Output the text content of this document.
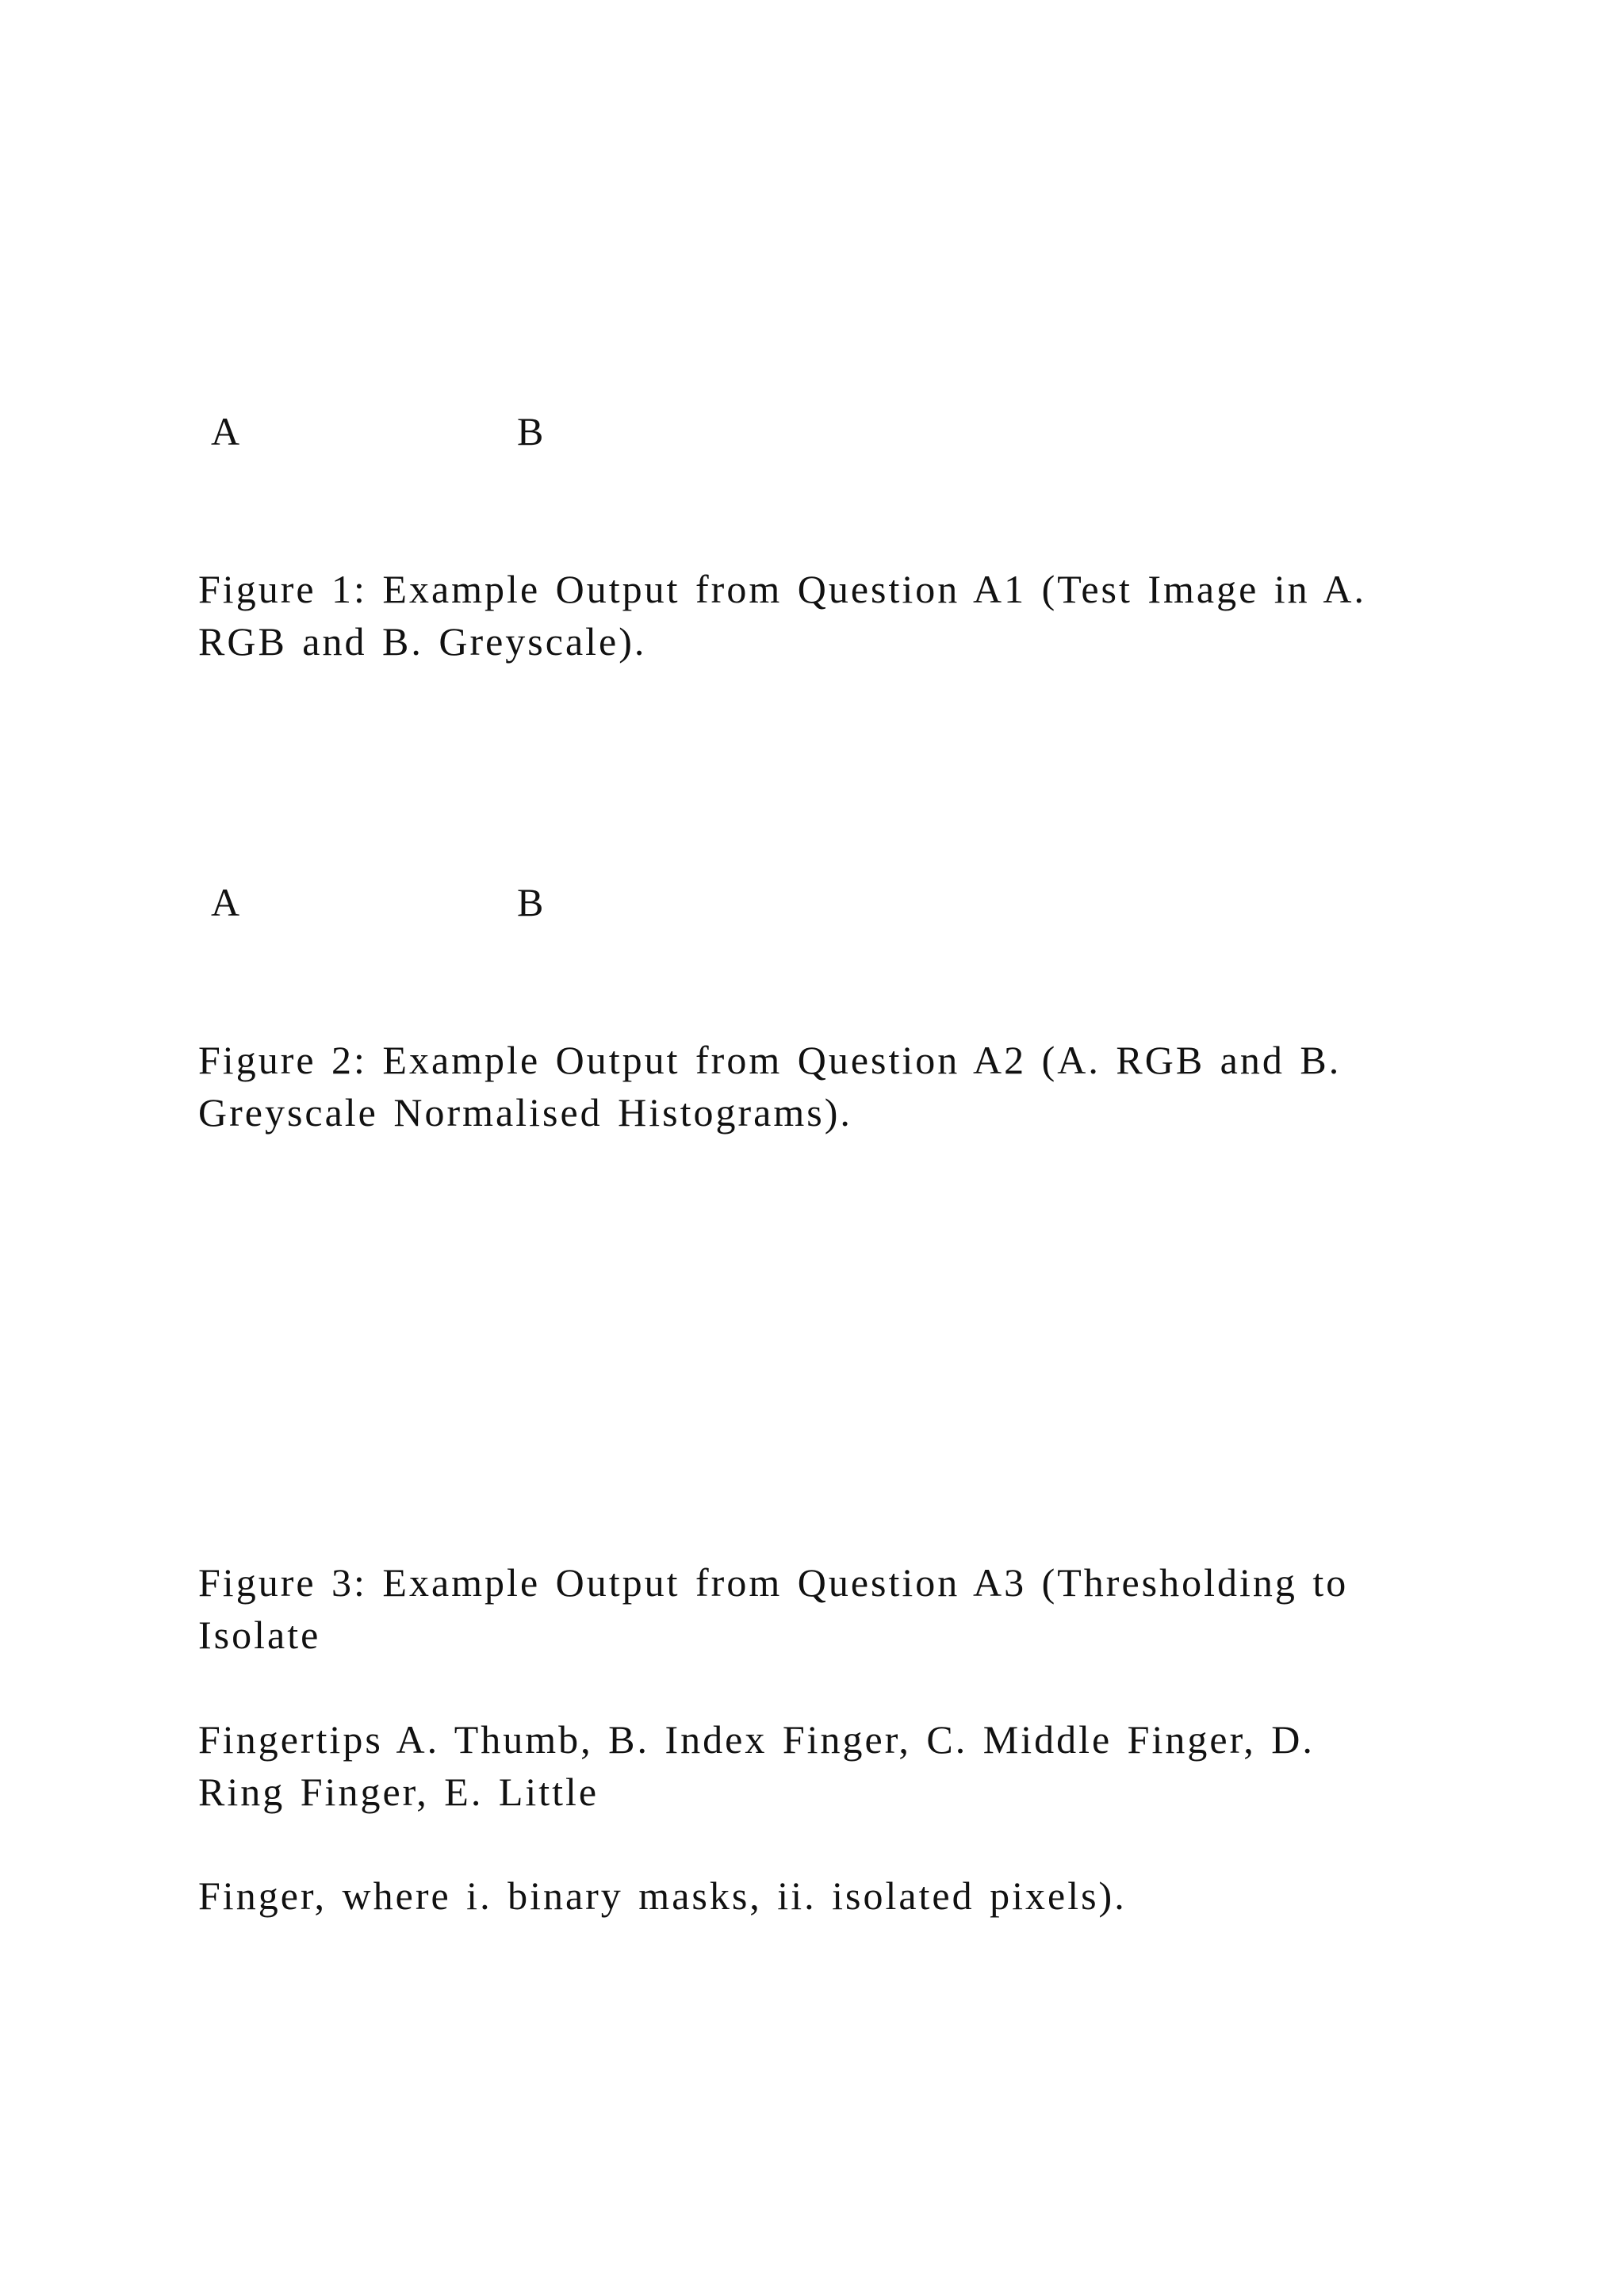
A	B

Figure 1: Example Output from Question A1 (Test Image in A.

RGB and B. Greyscale).

A	B

Figure 2: Example Output from Question A2 (A. RGB and B.

Greyscale Normalised Histograms).

Figure 3: Example Output from Question A3 (Thresholding to

Isolate

Fingertips A. Thumb, B. Index Finger, C. Middle Finger, D.

Ring Finger, E. Little

Finger, where i. binary masks, ii. isolated pixels).
